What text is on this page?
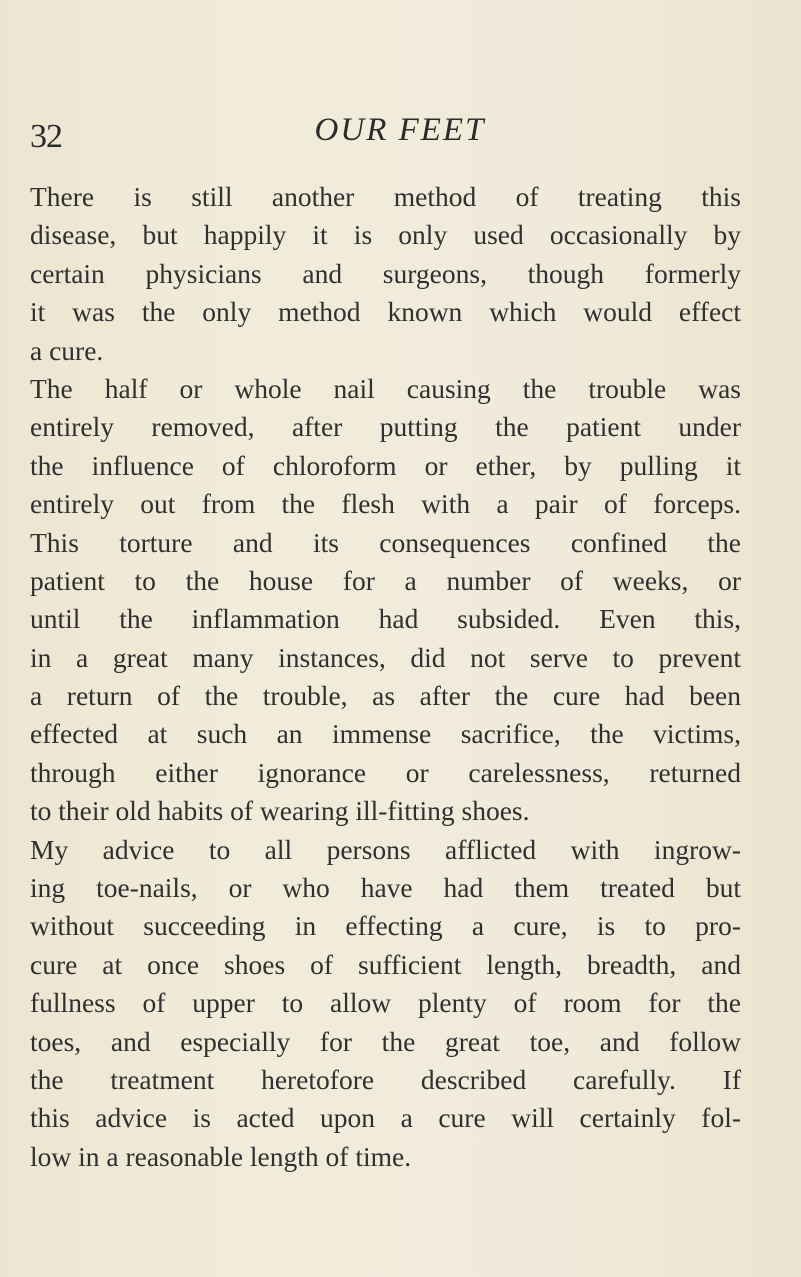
32	OUR FEET
There is still another method of treating this
disease, but happily it is only used occasionally by
certain physicians and surgeons, though formerly
it was the only method known which would effect
a cure.
The half or whole nail causing the trouble was
entirely removed, after putting the patient under
the influence of chloroform or ether, by pulling it
entirely out from the flesh with a pair of forceps.
This torture and its consequences confined the
patient to the house for a number of weeks, or
until the inflammation had subsided. Even this,
in a great many instances, did not serve to prevent
a return of the trouble, as after the cure had been
effected at such an immense sacrifice, the victims,
through either ignorance or carelessness, returned
to their old habits of wearing ill-fitting shoes.
My advice to all persons afflicted with ingrow-
ing toe-nails, or who have had them treated but
without succeeding in effecting a cure, is to pro-
cure at once shoes of sufficient length, breadth, and
fullness of upper to allow plenty of room for the
toes, and especially for the great toe, and follow
the treatment heretofore described carefully. If
this advice is acted upon a cure will certainly fol-
low in a reasonable length of time.
